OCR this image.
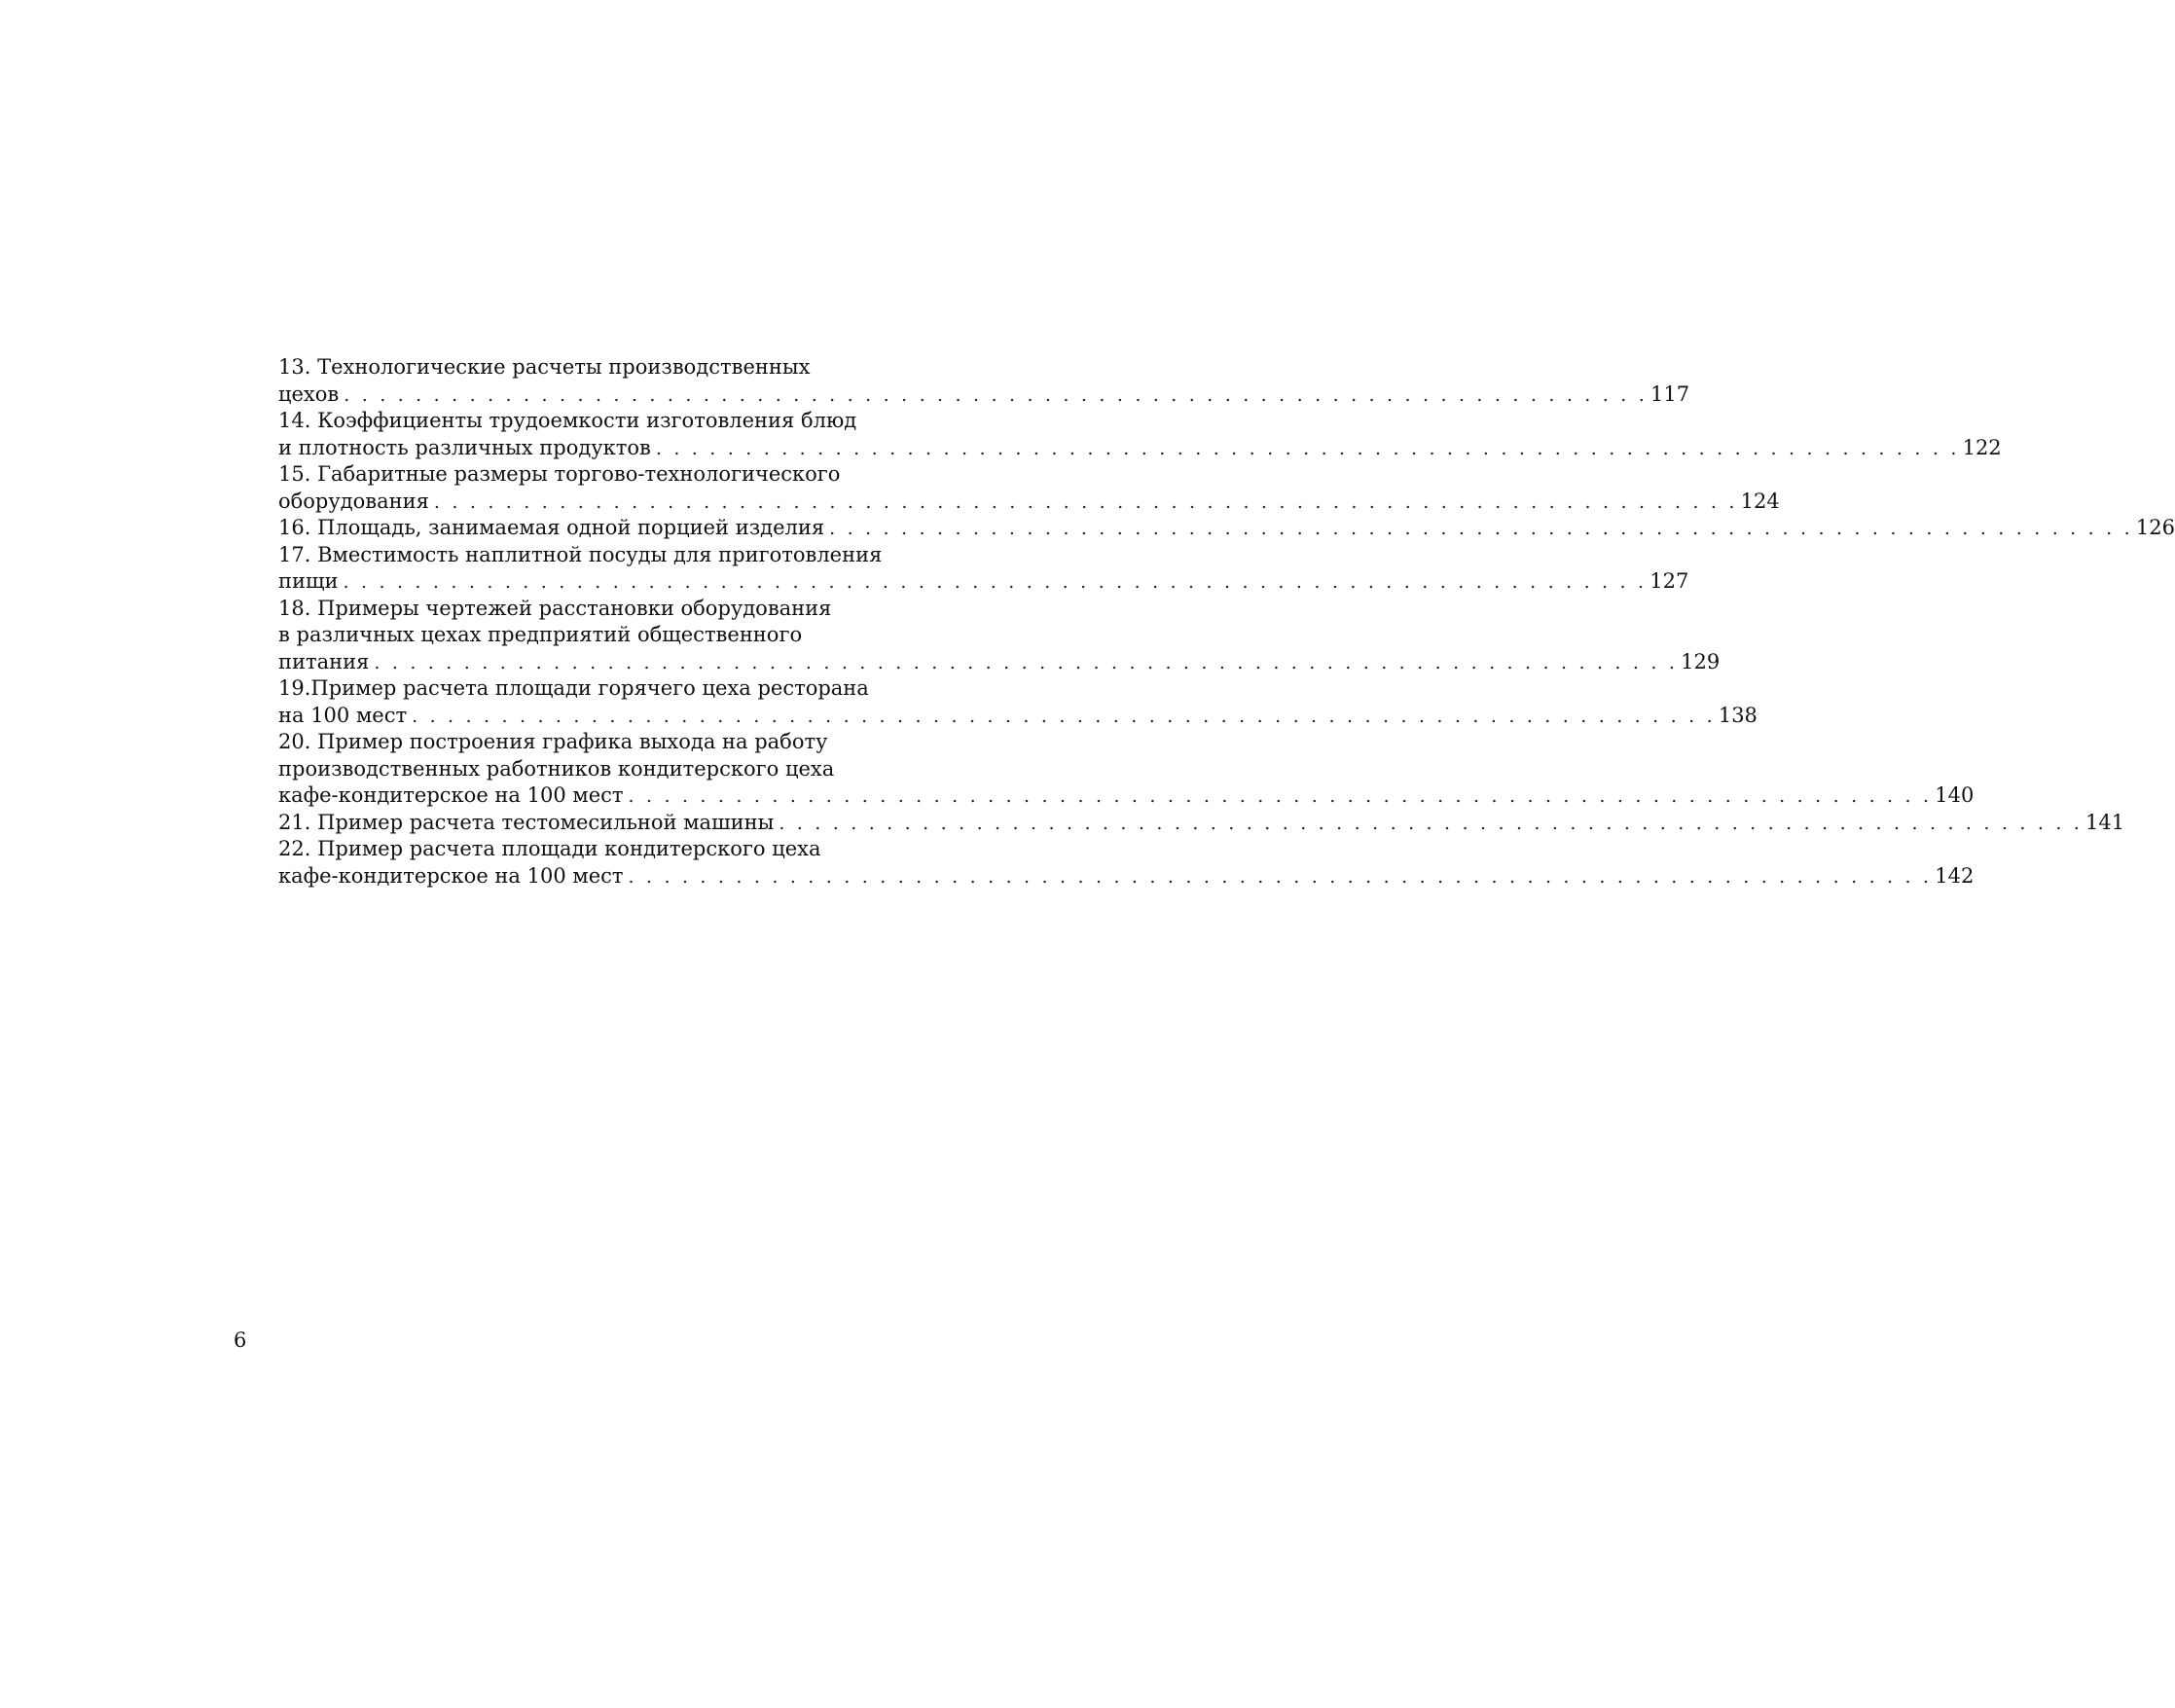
13. Технологические расчеты производственных
цехов . . . . . . . . . . . . . . . . . . . . . . . . . . . . . . . . . . . . . . . . . . . . . . . . . . . . . . . . . . . . . . . . . . . . . . . . . 117
14. Коэффициенты трудоемкости изготовления блюд
и плотность различных продуктов . . . . . . . . . . . . . . . . . . . . . . . . . . . . . . . . . . . . . . . . . . . . . . . . . . . . . . . . . . . . . . . . . . . . . . . . . 122
15. Габаритные размеры торгово-технологического
оборудования . . . . . . . . . . . . . . . . . . . . . . . . . . . . . . . . . . . . . . . . . . . . . . . . . . . . . . . . . . . . . . . . . . . . . . . . . 124
16. Площадь, занимаемая одной порцией изделия . . . . . . . . . . . . . . . . . . . . . . . . . . . . . . . . . . . . . . . . . . . . . . . . . . . . . . . . . . . . . . . . . . . . . . . . . 126
17. Вместимость наплитной посуды для приготовления
пищи . . . . . . . . . . . . . . . . . . . . . . . . . . . . . . . . . . . . . . . . . . . . . . . . . . . . . . . . . . . . . . . . . . . . . . . . . 127
18. Примеры чертежей расстановки оборудования
в различных цехах предприятий общественного
питания . . . . . . . . . . . . . . . . . . . . . . . . . . . . . . . . . . . . . . . . . . . . . . . . . . . . . . . . . . . . . . . . . . . . . . . . . 129
19.Пример расчета площади горячего цеха ресторана
на 100 мест . . . . . . . . . . . . . . . . . . . . . . . . . . . . . . . . . . . . . . . . . . . . . . . . . . . . . . . . . . . . . . . . . . . . . . . . . 138
20. Пример построения графика выхода на работу
производственных работников кондитерского цеха
кафе-кондитерское на 100 мест . . . . . . . . . . . . . . . . . . . . . . . . . . . . . . . . . . . . . . . . . . . . . . . . . . . . . . . . . . . . . . . . . . . . . . . . . 140
21. Пример расчета тестомесильной машины . . . . . . . . . . . . . . . . . . . . . . . . . . . . . . . . . . . . . . . . . . . . . . . . . . . . . . . . . . . . . . . . . . . . . . . . . 141
22. Пример расчета площади кондитерского цеха
кафе-кондитерское на 100 мест . . . . . . . . . . . . . . . . . . . . . . . . . . . . . . . . . . . . . . . . . . . . . . . . . . . . . . . . . . . . . . . . . . . . . . . . . 142
6
